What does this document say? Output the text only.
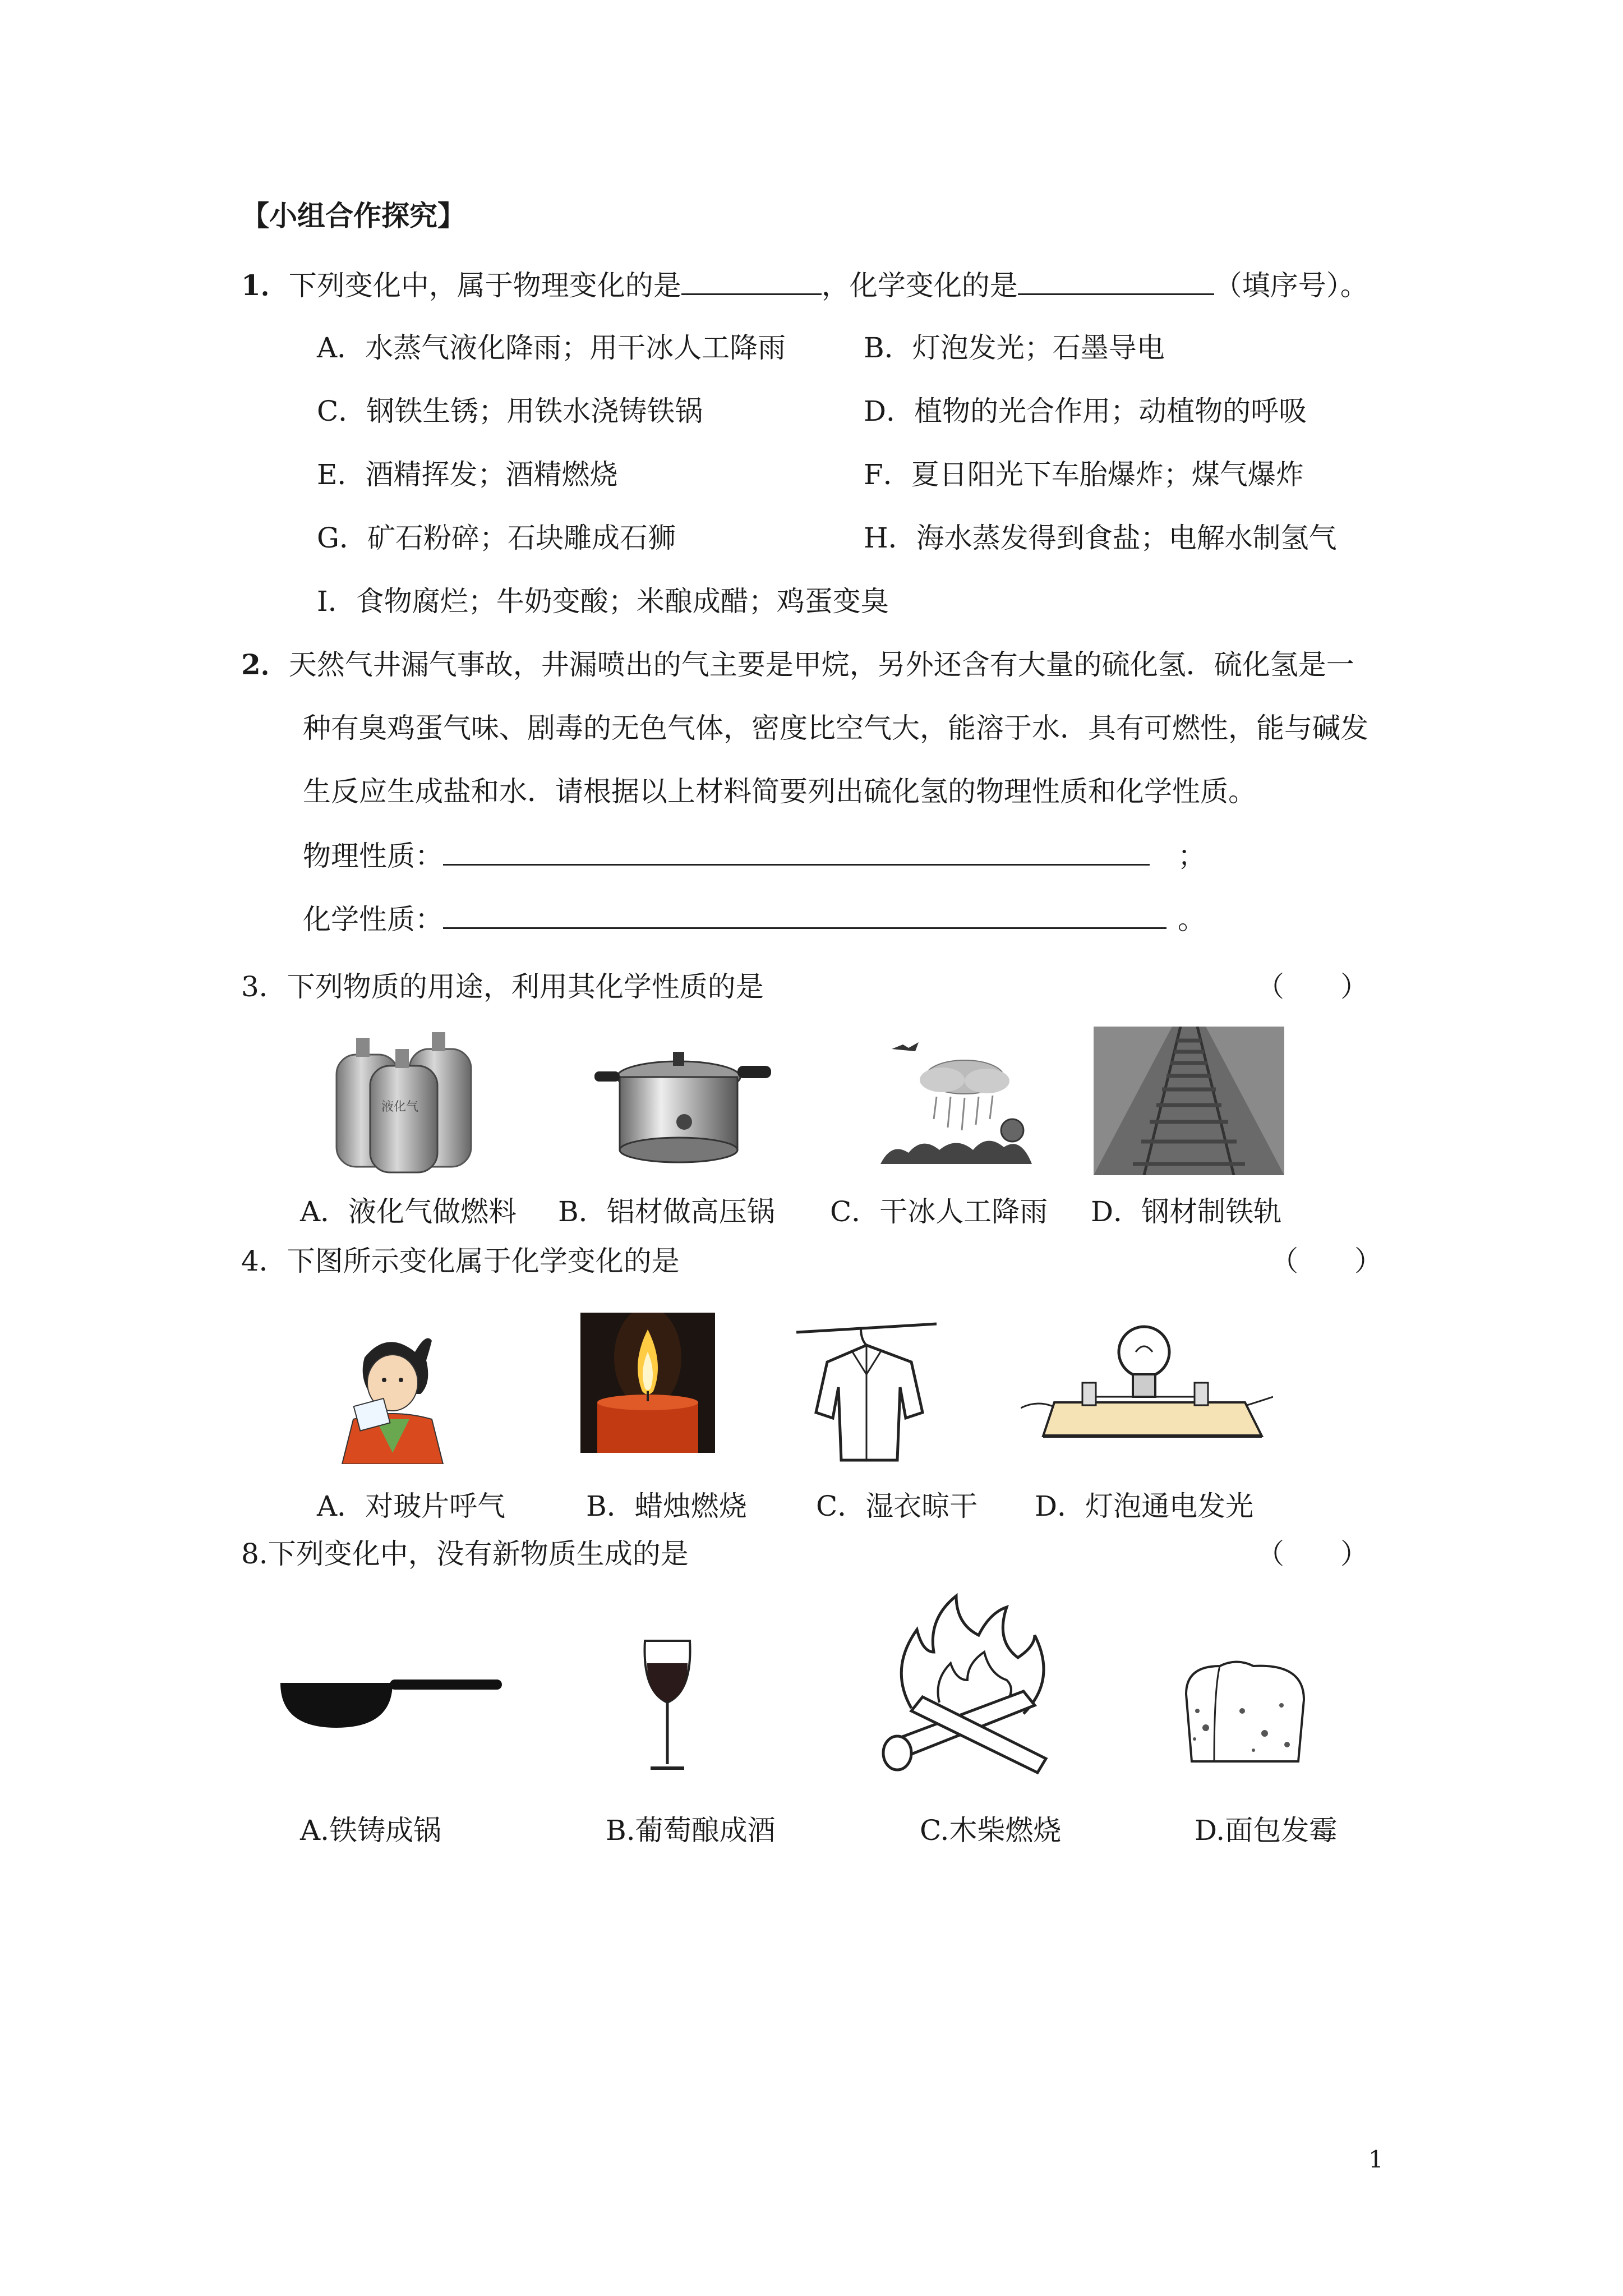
【小组合作探究】
1．下列变化中，属于物理变化的是	，化学变化的是	（填序号）。
A．水蒸气液化降雨；用干冰人工降雨	B．灯泡发光；石墨导电
C．钢铁生锈；用铁水浇铸铁锅	D．植物的光合作用；动植物的呼吸
E．酒精挥发；酒精燃烧	F．夏日阳光下车胎爆炸；煤气爆炸
G．矿石粉碎；石块雕成石狮	H．海水蒸发得到食盐；电解水制氢气
I．食物腐烂；牛奶变酸；米酿成醋；鸡蛋变臭
2．天然气井漏气事故，井漏喷出的气主要是甲烷，另外还含有大量的硫化氢．硫化氢是一
种有臭鸡蛋气味、剧毒的无色气体，密度比空气大，能溶于水．具有可燃性，能与碱发
生反应生成盐和水．请根据以上材料简要列出硫化氢的物理性质和化学性质。
物理性质：	；
化学性质：	。
3．下列物质的用途，利用其化学性质的是	（　　）
液化气
A．液化气做燃料 B．铝材做高压锅 C．干冰人工降雨 D．钢材制铁轨
4．下图所示变化属于化学变化的是	（　　）
A．对玻片呼气	B．蜡烛燃烧 C．湿衣晾干 D．灯泡通电发光
8.下列变化中，没有新物质生成的是	（　　）
A.铁铸成锅	B.葡萄酿成酒	C.木柴燃烧	D.面包发霉
1
